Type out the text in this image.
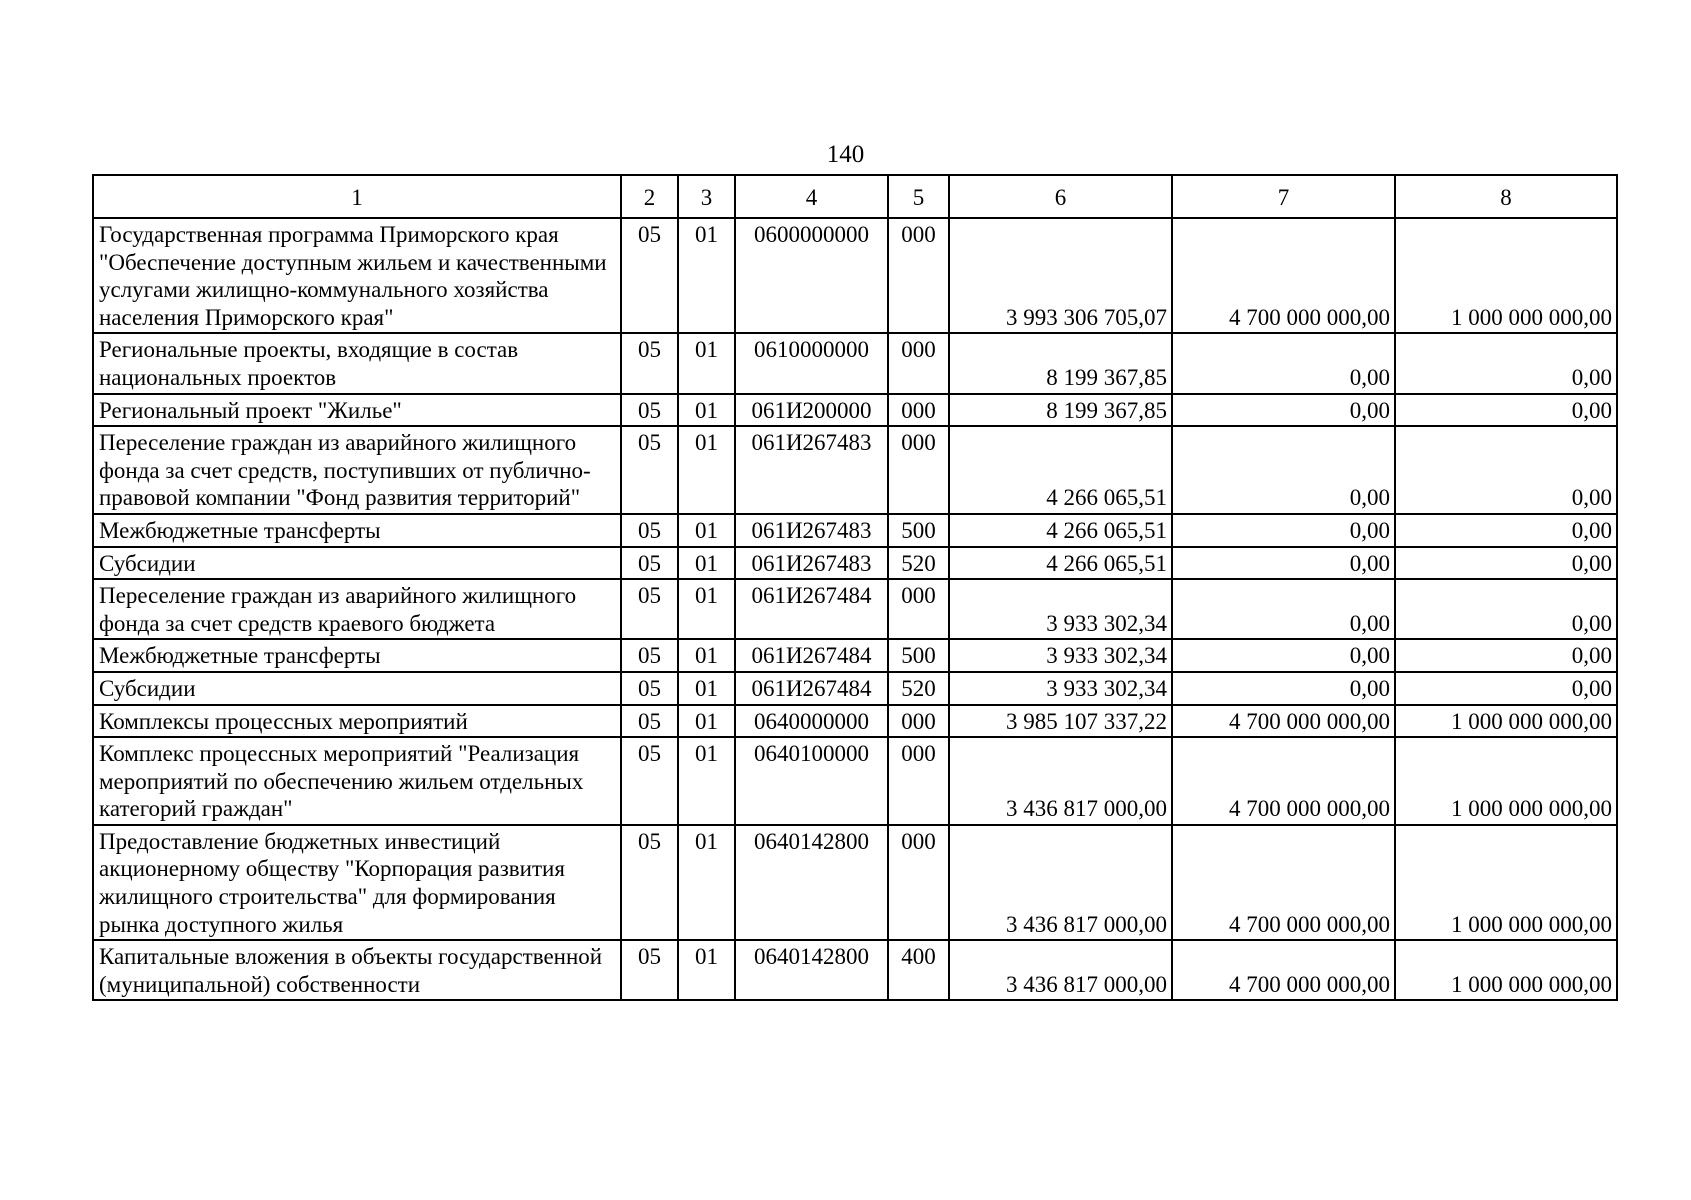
140
1	2	3	4	5	6	7	8
Государственная программа Приморского края "Обеспечение доступным жильем и качественными услугами жилищно-коммунального хозяйства населения Приморского края"	05	01	0600000000	000	3 993 306 705,07	4 700 000 000,00	1 000 000 000,00
Региональные проекты, входящие в состав национальных проектов	05	01	0610000000	000	8 199 367,85	0,00	0,00
Региональный проект "Жилье"	05	01	061И200000	000	8 199 367,85	0,00	0,00
Переселение граждан из аварийного жилищного фонда за счет средств, поступивших от публично-правовой компании "Фонд развития территорий"	05	01	061И267483	000	4 266 065,51	0,00	0,00
Межбюджетные трансферты	05	01	061И267483	500	4 266 065,51	0,00	0,00
Субсидии	05	01	061И267483	520	4 266 065,51	0,00	0,00
Переселение граждан из аварийного жилищного фонда за счет средств краевого бюджета	05	01	061И267484	000	3 933 302,34	0,00	0,00
Межбюджетные трансферты	05	01	061И267484	500	3 933 302,34	0,00	0,00
Субсидии	05	01	061И267484	520	3 933 302,34	0,00	0,00
Комплексы процессных мероприятий	05	01	0640000000	000	3 985 107 337,22	4 700 000 000,00	1 000 000 000,00
Комплекс процессных мероприятий "Реализация мероприятий по обеспечению жильем отдельных категорий граждан"	05	01	0640100000	000	3 436 817 000,00	4 700 000 000,00	1 000 000 000,00
Предоставление бюджетных инвестиций акционерному обществу "Корпорация развития жилищного строительства" для формирования рынка доступного жилья	05	01	0640142800	000	3 436 817 000,00	4 700 000 000,00	1 000 000 000,00
Капитальные вложения в объекты государственной (муниципальной) собственности	05	01	0640142800	400	3 436 817 000,00	4 700 000 000,00	1 000 000 000,00
